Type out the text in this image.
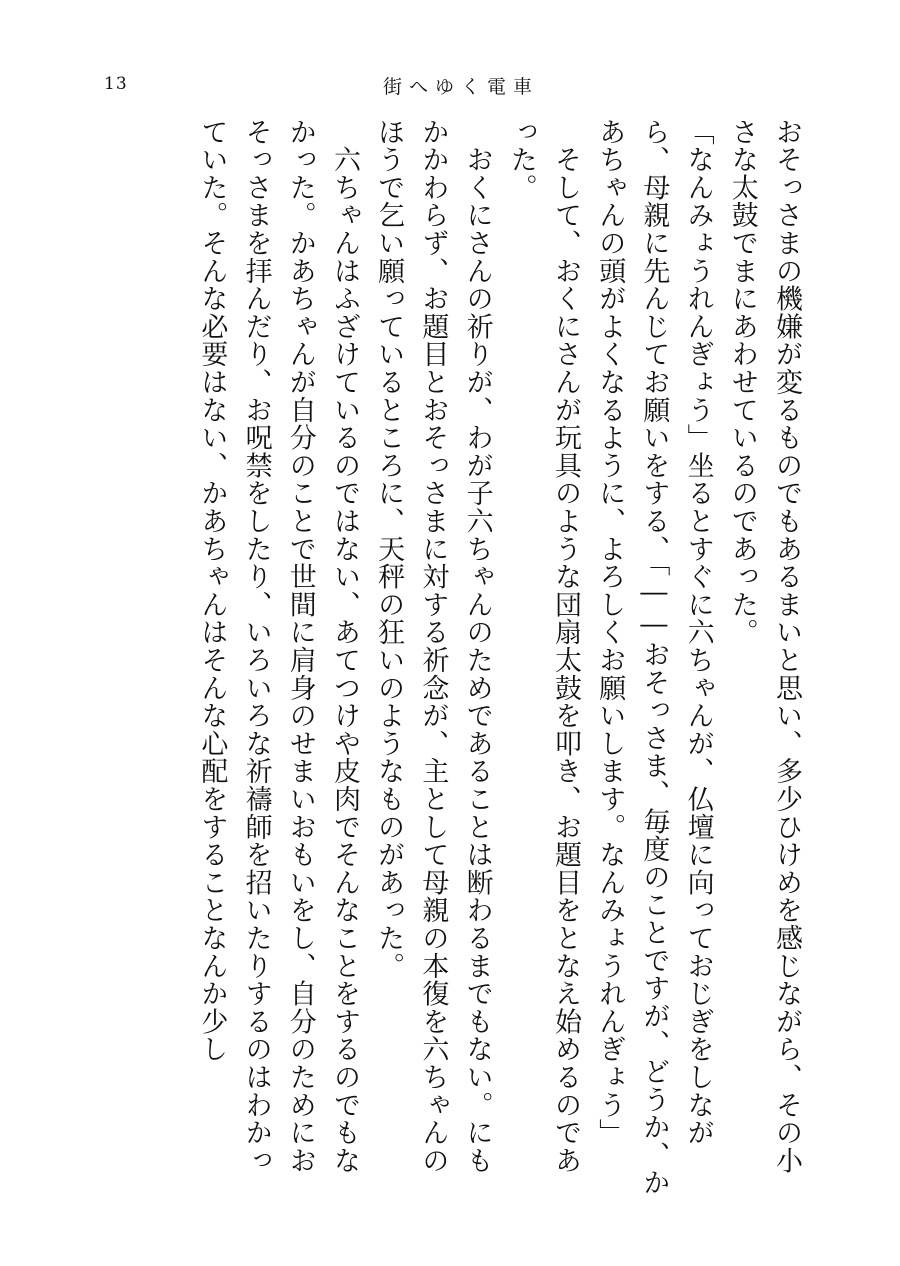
13	街へゆく電車

おそっさまの機嫌が変るものでもあるまいと思い、多少ひけめを感じながら、その小さな太鼓でまにあわせているのであった。

「なんみょうれんぎょう」坐るとすぐに六ちゃんが、仏壇に向っておじぎをしながら、母親に先んじてお願いをする、「――おそっさま、毎度のことですが、どうか、かあちゃんの頭がよくなるように、よろしくお願いします。なんみょうれんぎょう」

そして、おくにさんが玩具のような団扇太鼓を叩き、お題目をとなえ始めるのであった。

おくにさんの祈りが、わが子六ちゃんのためであることは断わるまでもない。にもかかわらず、お題目とおそっさまに対する祈念が、主として母親の本復を六ちゃんのほうで乞い願っているところに、天秤の狂いのようなものがあった。

六ちゃんはふざけているのではない、あてつけや皮肉でそんなことをするのでもなかった。かあちゃんが自分のことで世間に肩身のせまいおもいをし、自分のためにおそっさまを拝んだり、お呪禁をしたり、いろいろな祈禱師を招いたりするのはわかっていた。そんな必要はない、かあちゃんはそんな心配をすることなんか少し
